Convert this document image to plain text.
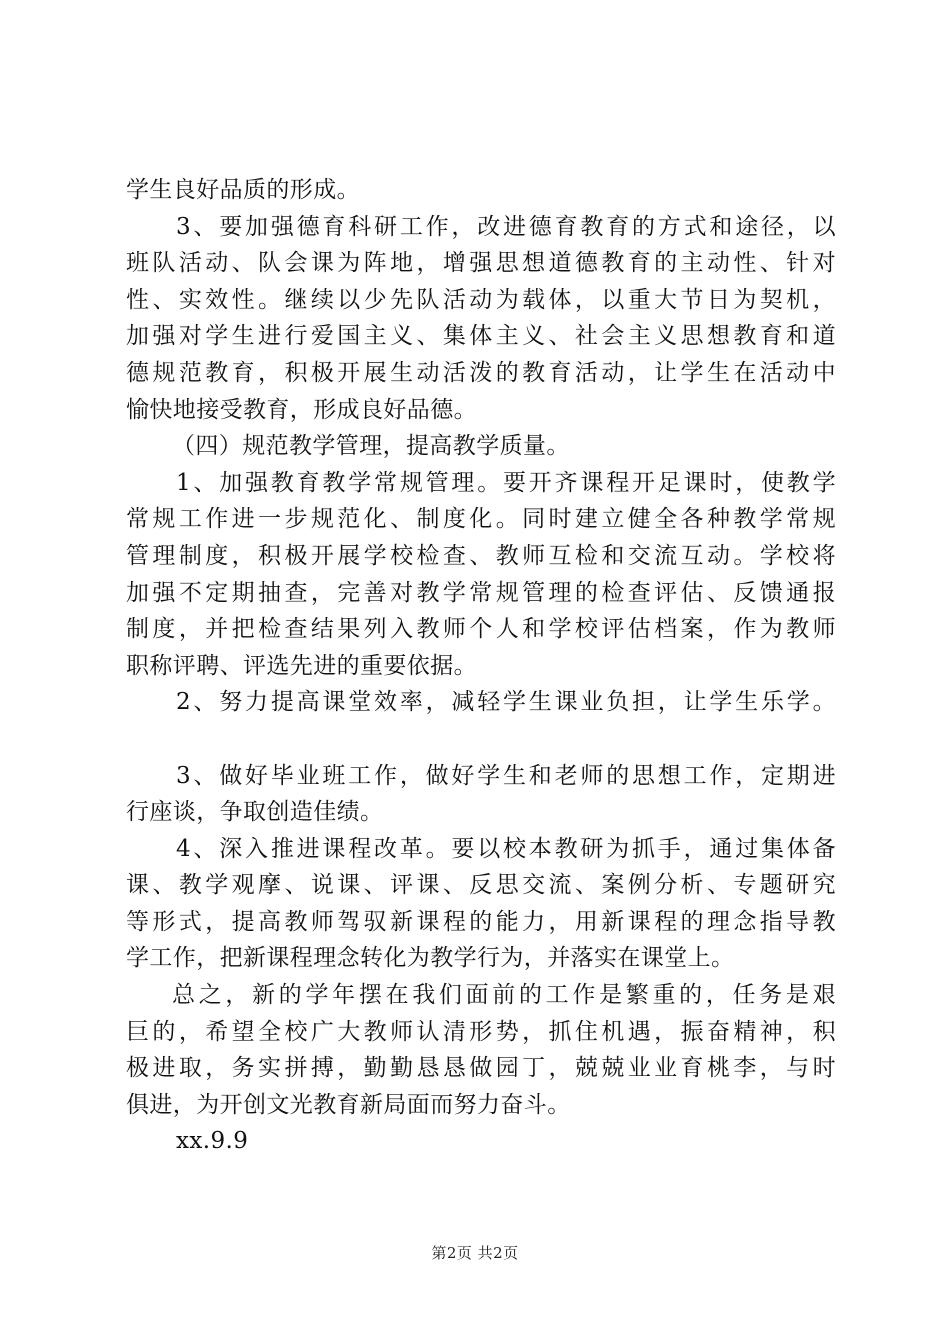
学生良好品质的形成。
3、要加强德育科研工作，改进德育教育的方式和途径，以
班队活动、队会课为阵地，增强思想道德教育的主动性、针对
性、实效性。继续以少先队活动为载体，以重大节日为契机，
加强对学生进行爱国主义、集体主义、社会主义思想教育和道
德规范教育，积极开展生动活泼的教育活动，让学生在活动中
愉快地接受教育，形成良好品德。
（四）规范教学管理，提高教学质量。
1、加强教育教学常规管理。要开齐课程开足课时，使教学
常规工作进一步规范化、制度化。同时建立健全各种教学常规
管理制度，积极开展学校检查、教师互检和交流互动。学校将
加强不定期抽查，完善对教学常规管理的检查评估、反馈通报
制度，并把检查结果列入教师个人和学校评估档案，作为教师
职称评聘、评选先进的重要依据。
2、努力提高课堂效率，减轻学生课业负担，让学生乐学。
3、做好毕业班工作，做好学生和老师的思想工作，定期进
行座谈，争取创造佳绩。
4、深入推进课程改革。要以校本教研为抓手，通过集体备
课、教学观摩、说课、评课、反思交流、案例分析、专题研究
等形式，提高教师驾驭新课程的能力，用新课程的理念指导教
学工作，把新课程理念转化为教学行为，并落实在课堂上。
总之，新的学年摆在我们面前的工作是繁重的，任务是艰
巨的，希望全校广大教师认清形势，抓住机遇，振奋精神，积
极进取，务实拼搏，勤勤恳恳做园丁，兢兢业业育桃李，与时
俱进，为开创文光教育新局面而努力奋斗。
xx.9.9
第2页 共2页
